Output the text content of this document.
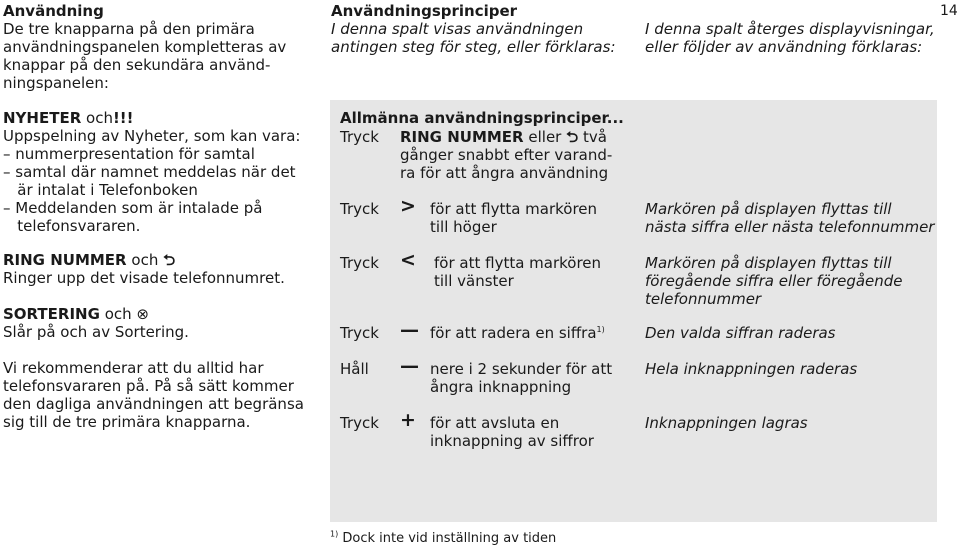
14
Användning
De tre knapparna på den primära
användningspanelen kompletteras av
knappar på den sekundära använd-
ningspanelen:
NYHETER och!!!
Uppspelning av Nyheter, som kan vara:
– nummerpresentation för samtal
– samtal där namnet meddelas när det
är intalat i Telefonboken
– Meddelanden som är intalade på
telefonsvararen.
RING NUMMER och ⮌
Ringer upp det visade telefonnumret.
SORTERING och ⊗
Slår på och av Sortering.
Vi rekommenderar att du alltid har
telefonsvararen på. På så sätt kommer
den dagliga användningen att begränsa
sig till de tre primära knapparna.
Användningsprinciper
I denna spalt visas användningen
antingen steg för steg, eller förklaras:
I denna spalt återges displayvisningar,
eller följder av användning förklaras:
Allmänna användningsprinciper...
Tryck RING NUMMER eller ⮌ två
gånger snabbt efter varand-
ra för att ångra användning
Tryck > för att flytta markören
till höger
Markören på displayen flyttas till
nästa siffra eller nästa telefonnummer
Tryck < för att flytta markören
till vänster
Markören på displayen flyttas till
föregående siffra eller föregående
telefonnummer
Tryck — för att radera en siffra$^{1)}$	Den valda siffran raderas
Håll — nere i 2 sekunder för att
ångra inknappning
Hela inknappningen raderas
Tryck + för att avsluta en
inknappning av siffror
Inknappningen lagras
$^{1)}$ Dock inte vid inställning av tiden
